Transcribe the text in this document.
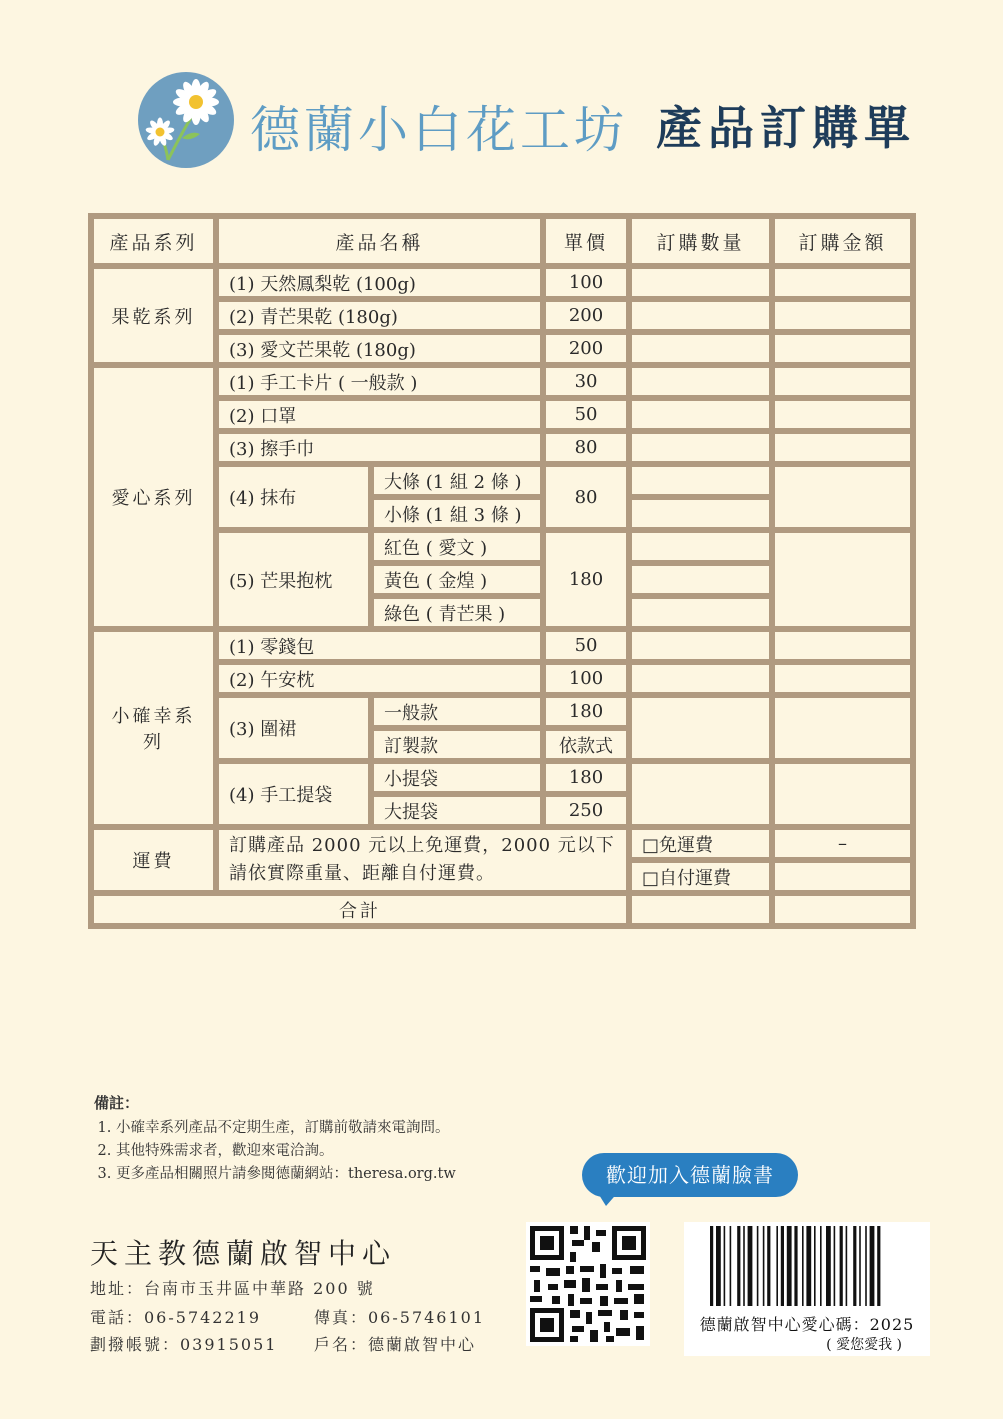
德蘭小白花工坊 產品訂購單
產品系列	產品名稱		單價	訂購數量	訂購金額
果乾系列	(1) 天然鳳梨乾 (100g)		100		
	(2) 青芒果乾 (180g)		200		
	(3) 愛文芒果乾 (180g)		200		
愛心系列	(1) 手工卡片 ( 一般款 )		30		
	(2) 口罩		50		
	(3) 擦手巾		80		
	(4) 抹布	大條 (1 組 2 條 )	80		
		小條 (1 組 3 條 )			
	(5) 芒果抱枕	紅色 ( 愛文 )	180		
		黃色 ( 金煌 )			
		綠色 ( 青芒果 )			
小確幸系列	(1) 零錢包		50		
	(2) 午安枕		100		
	(3) 圍裙	一般款	180		
		訂製款	依款式		
	(4) 手工提袋	小提袋	180		
		大提袋	250		
運費	訂購產品 2000 元以上免運費，2000 元以下請依實際重量、距離自付運費。			□免運費	–
				□自付運費	
合計					
備註：
1. 小確幸系列產品不定期生產，訂購前敬請來電詢問。
2. 其他特殊需求者，歡迎來電洽詢。
3. 更多產品相關照片請參閱德蘭網站：theresa.org.tw	歡迎加入德蘭臉書
天主教德蘭啟智中心
地址：台南市玉井區中華路 200 號
電話：06-5742219	傳真：06-5746101
劃撥帳號：03915051 戶名：德蘭啟智中心
德蘭啟智中心愛心碼：2025
( 愛您愛我 )
